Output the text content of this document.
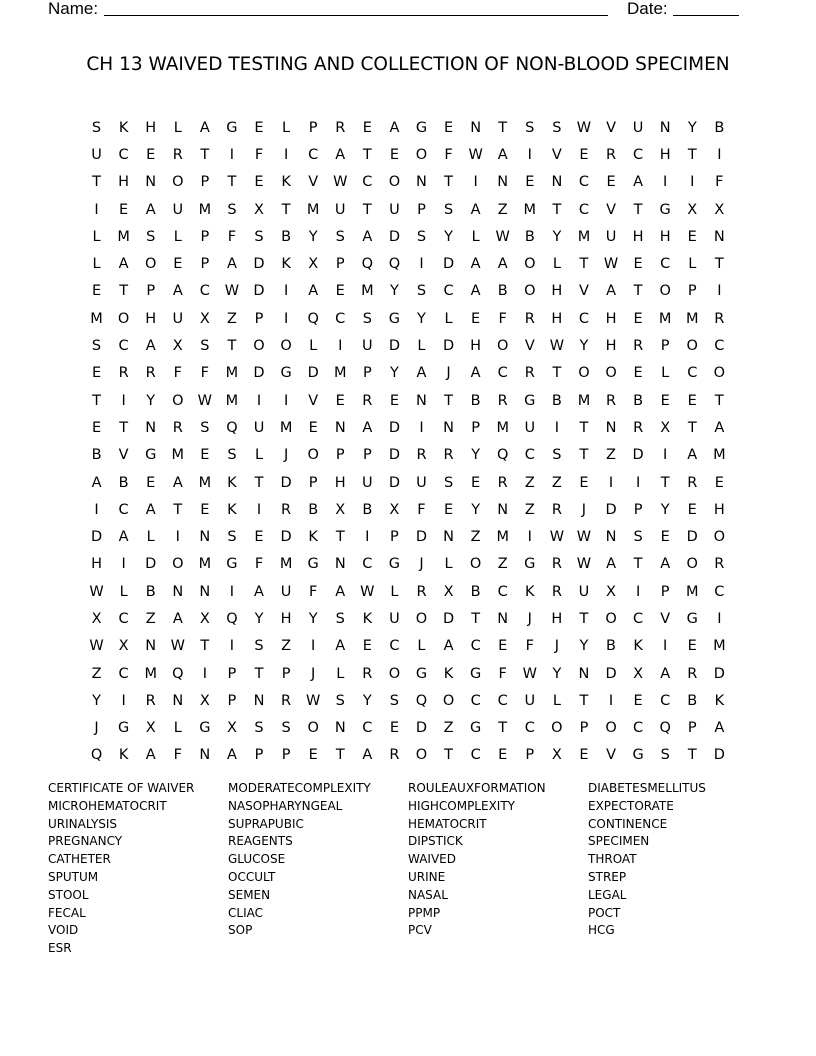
Name:	Date:
CH 13 WAIVED TESTING AND COLLECTION OF NON-BLOOD SPECIMEN
S	K	H	L	A	G	E	L	P	R	E	A	G	E	N	T	S	S	W	V	U	N	Y	B
U	C	E	R	T	I	F	I	C	A	T	E	O	F	W	A	I	V	E	R	C	H	T	I
T	H	N	O	P	T	E	K	V	W	C	O	N	T	I	N	E	N	C	E	A	I	I	F
I	E	A	U	M	S	X	T	M	U	T	U	P	S	A	Z	M	T	C	V	T	G	X	X
L	M	S	L	P	F	S	B	Y	S	A	D	S	Y	L	W	B	Y	M	U	H	H	E	N
L	A	O	E	P	A	D	K	X	P	Q	Q	I	D	A	A	O	L	T	W	E	C	L	T
E	T	P	A	C	W D	I	A	E	M	Y	S	C	A	B	O	H	V	A	T	O	P	I
M	O	H	U	X	Z	P	I	Q	C	S	G	Y	L	E	F	R	H	C	H	E	M	M	R
S	C	A	X	S	T	O	O	L	I	U	D	L	D	H	O	V	W	Y	H	R	P	O	C
E	R	R	F	F	M	D	G	D	M	P	Y	A	J	A	C	R	T	O	O	E	L	C	O
T	I	Y	O W M	I	I	V	E	R	E	N	T	B	R	G	B	M	R	B	E	E	T
E	T	N	R	S	Q	U	M	E	N	A	D	I	N	P	M	U	I	T	N	R	X	T	A
B	V	G	M	E	S	L	J	O	P	P	D	R	R	Y	Q	C	S	T	Z	D	I	A	M
A	B	E	A	M	K	T	D	P	H	U	D	U	S	E	R	Z	Z	E	I	I	T	R	E
I	C	A	T	E	K	I	R	B	X	B	X	F	E	Y	N	Z	R	J	D	P	Y	E	H
D	A	L	I	N	S	E	D	K	T	I	P	D	N	Z	M	I	W W N	S	E	D	O
H	I	D	O	M	G	F	M	G	N	C	G	J	L	O	Z	G	R	W	A	T	A	O	R
W	L	B	N	N	I	A	U	F	A	W	L	R	X	B	C	K	R	U	X	I	P	M	C
X	C	Z	A	X	Q	Y	H	Y	S	K	U	O	D	T	N	J	H	T	O	C	V	G	I
W	X	N W	T	I	S	Z	I	A	E	C	L	A	C	E	F	J	Y	B	K	I	E	M
Z	C	M	Q	I	P	T	P	J	L	R	O	G	K	G	F	W	Y	N	D	X	A	R	D
Y	I	R	N	X	P	N	R	W	S	Y	S	Q	O	C	C	U	L	T	I	E	C	B	K
J	G	X	L	G	X	S	S	O	N	C	E	D	Z	G	T	C	O	P	O	C	Q	P	A
Q	K	A	F	N	A	P	P	E	T	A	R	O	T	C	E	P	X	E	V	G	S	T	D
CERTIFICATE OF WAIVER
MICROHEMATOCRIT
URINALYSIS
PREGNANCY
CATHETER
SPUTUM
STOOL
FECAL
VOID
ESR
MODERATECOMPLEXITY
NASOPHARYNGEAL
SUPRAPUBIC
REAGENTS
GLUCOSE
OCCULT
SEMEN
CLIAC
SOP
ROULEAUXFORMATION
HIGHCOMPLEXITY
HEMATOCRIT
DIPSTICK
WAIVED
URINE
NASAL
PPMP
PCV
DIABETESMELLITUS
EXPECTORATE
CONTINENCE
SPECIMEN
THROAT
STREP
LEGAL
POCT
HCG
